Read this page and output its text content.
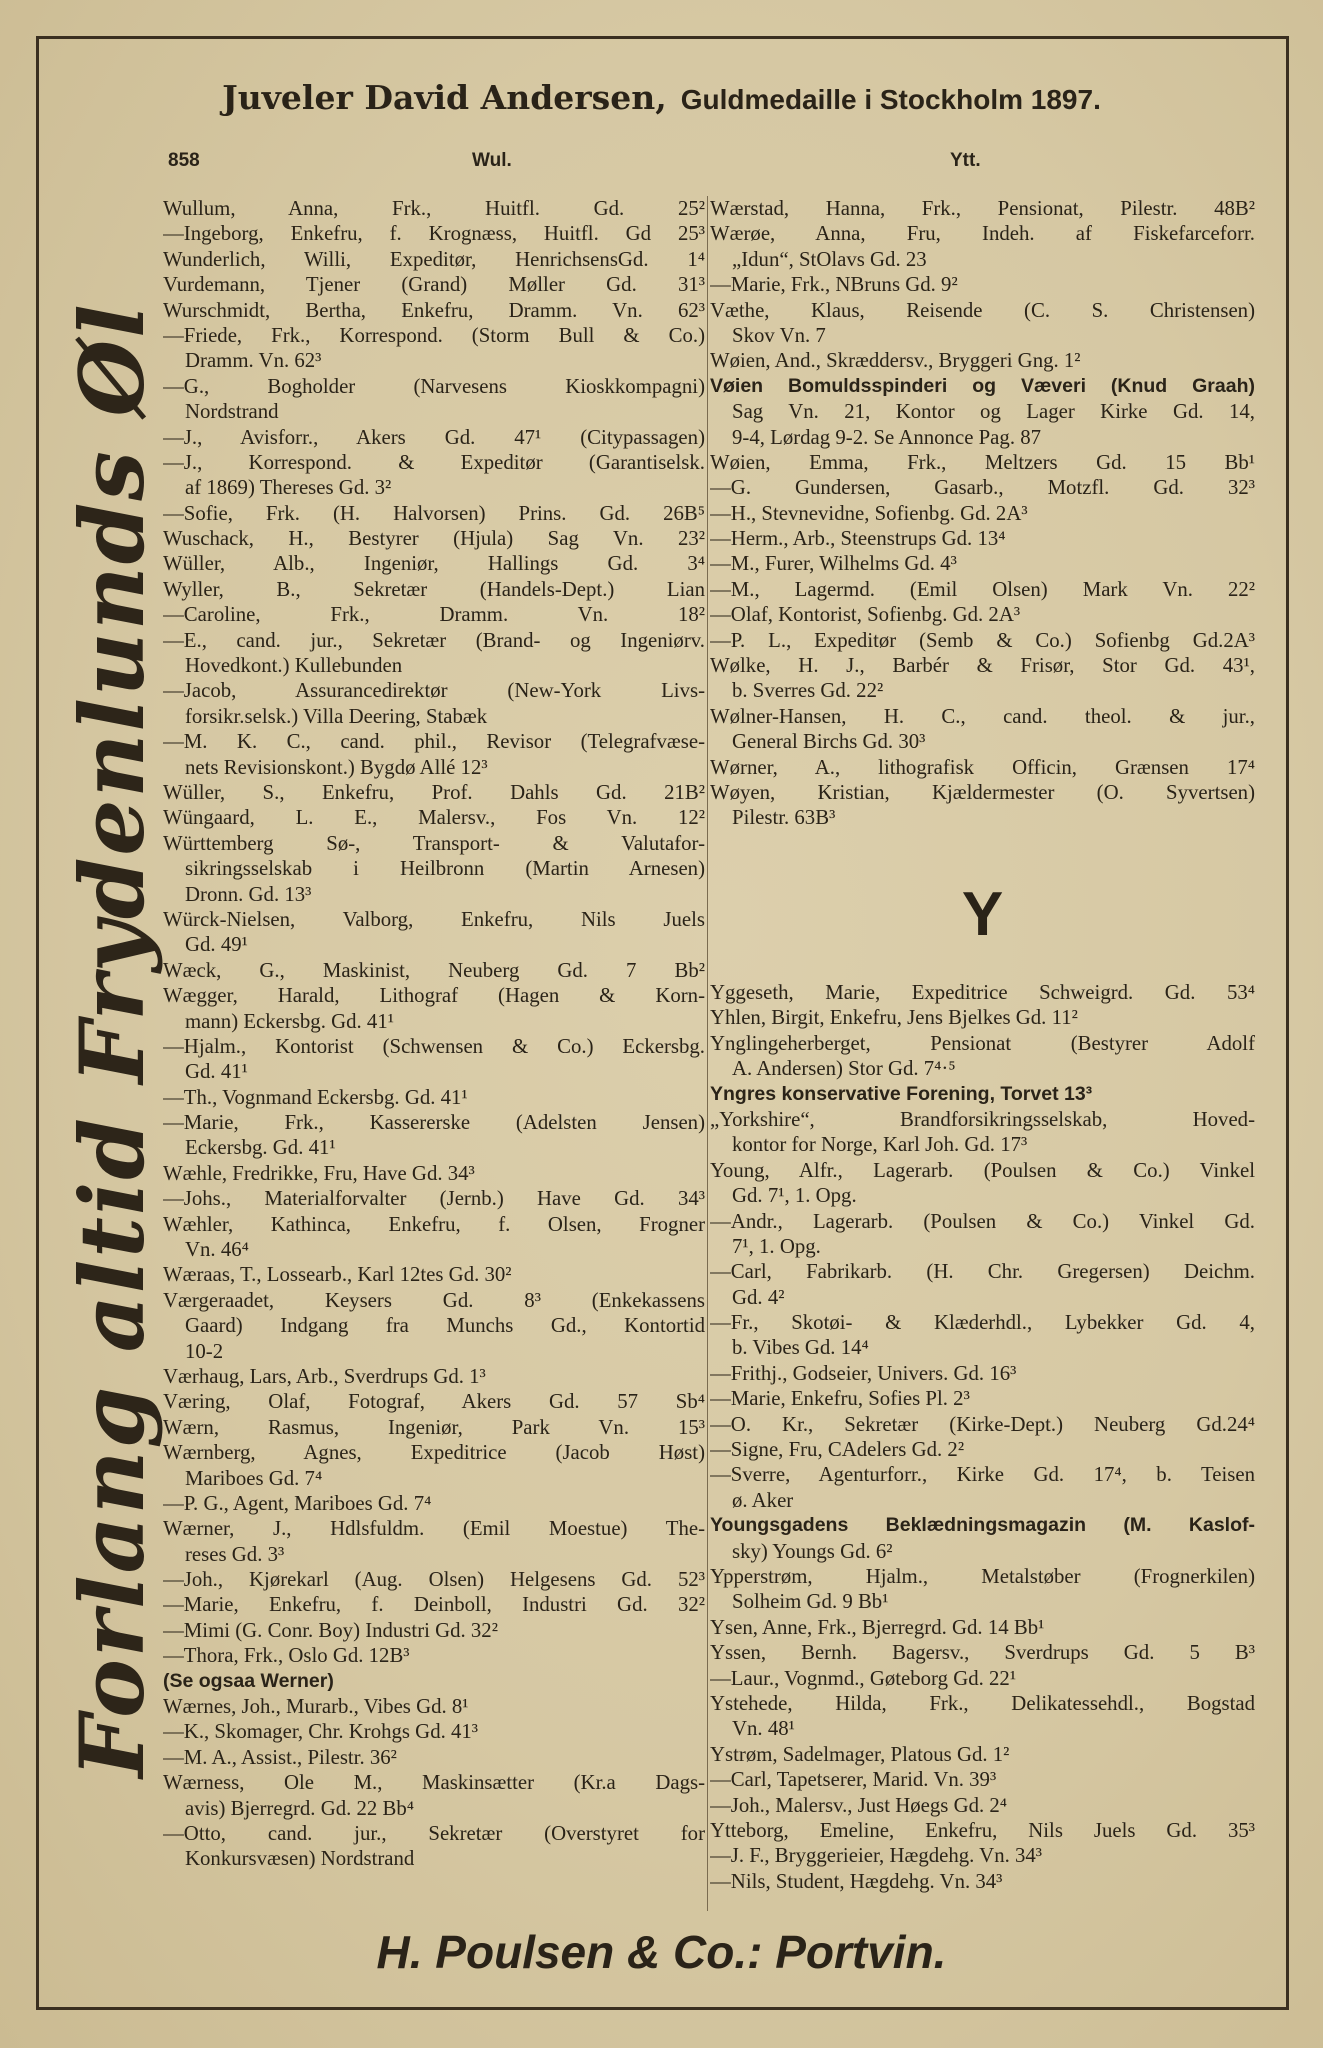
Juveler David Andersen, Guldmedaille i Stockholm 1897.
858	Wul.	Ytt.
Forlang altid Frydenlunds Øl
Wullum, Anna, Frk., Huitfl. Gd. 25²
—Ingeborg, Enkefru, f. Krognæss, Huitfl. Gd 25³
Wunderlich, Willi, Expeditør, HenrichsensGd. 1⁴
Vurdemann, Tjener (Grand) Møller Gd. 31³
Wurschmidt, Bertha, Enkefru, Dramm. Vn. 62³
—Friede, Frk., Korrespond. (Storm Bull & Co.)
Dramm. Vn. 62³
—G., Bogholder (Narvesens Kioskkompagni)
Nordstrand
—J., Avisforr., Akers Gd. 47¹ (Citypassagen)
—J., Korrespond. & Expeditør (Garantiselsk.
af 1869) Thereses Gd. 3²
—Sofie, Frk. (H. Halvorsen) Prins. Gd. 26B⁵
Wuschack, H., Bestyrer (Hjula) Sag Vn. 23²
Wüller, Alb., Ingeniør, Hallings Gd. 3⁴
Wyller, B., Sekretær (Handels-Dept.) Lian
—Caroline, Frk., Dramm. Vn. 18²
—E., cand. jur., Sekretær (Brand- og Ingeniørv.
Hovedkont.) Kullebunden
—Jacob, Assurancedirektør (New-York Livs-
forsikr.selsk.) Villa Deering, Stabæk
—M. K. C., cand. phil., Revisor (Telegrafvæse-
nets Revisionskont.) Bygdø Allé 12³
Wüller, S., Enkefru, Prof. Dahls Gd. 21B²
Wüngaard, L. E., Malersv., Fos Vn. 12²
Württemberg Sø-, Transport- & Valutafor-
sikringsselskab i Heilbronn (Martin Arnesen)
Dronn. Gd. 13³
Würck-Nielsen, Valborg, Enkefru, Nils Juels
Gd. 49¹
Wæck, G., Maskinist, Neuberg Gd. 7 Bb²
Wægger, Harald, Lithograf (Hagen & Korn-
mann) Eckersbg. Gd. 41¹
—Hjalm., Kontorist (Schwensen & Co.) Eckersbg.
Gd. 41¹
—Th., Vognmand Eckersbg. Gd. 41¹
—Marie, Frk., Kassererske (Adelsten Jensen)
Eckersbg. Gd. 41¹
Wæhle, Fredrikke, Fru, Have Gd. 34³
—Johs., Materialforvalter (Jernb.) Have Gd. 34³
Wæhler, Kathinca, Enkefru, f. Olsen, Frogner
Vn. 46⁴
Wæraas, T., Lossearb., Karl 12tes Gd. 30²
Værgeraadet, Keysers Gd. 8³ (Enkekassens
Gaard) Indgang fra Munchs Gd., Kontortid
10-2
Værhaug, Lars, Arb., Sverdrups Gd. 1³
Væring, Olaf, Fotograf, Akers Gd. 57 Sb⁴
Wærn, Rasmus, Ingeniør, Park Vn. 15³
Wærnberg, Agnes, Expeditrice (Jacob Høst)
Mariboes Gd. 7⁴
—P. G., Agent, Mariboes Gd. 7⁴
Wærner, J., Hdlsfuldm. (Emil Moestue) The-
reses Gd. 3³
—Joh., Kjørekarl (Aug. Olsen) Helgesens Gd. 52³
—Marie, Enkefru, f. Deinboll, Industri Gd. 32²
—Mimi (G. Conr. Boy) Industri Gd. 32²
—Thora, Frk., Oslo Gd. 12B³
(Se ogsaa Werner)
Wærnes, Joh., Murarb., Vibes Gd. 8¹
—K., Skomager, Chr. Krohgs Gd. 41³
—M. A., Assist., Pilestr. 36²
Wærness, Ole M., Maskinsætter (Kr.a Dags-
avis) Bjerregrd. Gd. 22 Bb⁴
—Otto, cand. jur., Sekretær (Overstyret for
Konkursvæsen) Nordstrand
Wærstad, Hanna, Frk., Pensionat, Pilestr. 48B²
Wærøe, Anna, Fru, Indeh. af Fiskefarceforr.
„Idun“, StOlavs Gd. 23
—Marie, Frk., NBruns Gd. 9²
Væthe, Klaus, Reisende (C. S. Christensen)
Skov Vn. 7
Wøien, And., Skræddersv., Bryggeri Gng. 1²
Vøien Bomuldsspinderi og Væveri (Knud Graah)
Sag Vn. 21, Kontor og Lager Kirke Gd. 14,
9-4, Lørdag 9-2. Se Annonce Pag. 87
Wøien, Emma, Frk., Meltzers Gd. 15 Bb¹
—G. Gundersen, Gasarb., Motzfl. Gd. 32³
—H., Stevnevidne, Sofienbg. Gd. 2A³
—Herm., Arb., Steenstrups Gd. 13⁴
—M., Furer, Wilhelms Gd. 4³
—M., Lagermd. (Emil Olsen) Mark Vn. 22²
—Olaf, Kontorist, Sofienbg. Gd. 2A³
—P. L., Expeditør (Semb & Co.) Sofienbg Gd.2A³
Wølke, H. J., Barbér & Frisør, Stor Gd. 43¹,
b. Sverres Gd. 22²
Wølner-Hansen, H. C., cand. theol. & jur.,
General Birchs Gd. 30³
Wørner, A., lithografisk Officin, Grænsen 17⁴
Wøyen, Kristian, Kjældermester (O. Syvertsen)
Pilestr. 63B³
Y
Yggeseth, Marie, Expeditrice Schweigrd. Gd. 53⁴
Yhlen, Birgit, Enkefru, Jens Bjelkes Gd. 11²
Ynglingeherberget, Pensionat (Bestyrer Adolf
A. Andersen) Stor Gd. 7⁴·⁵
Yngres konservative Forening, Torvet 13³
„Yorkshire“, Brandforsikringsselskab, Hoved-
kontor for Norge, Karl Joh. Gd. 17³
Young, Alfr., Lagerarb. (Poulsen & Co.) Vinkel
Gd. 7¹, 1. Opg.
—Andr., Lagerarb. (Poulsen & Co.) Vinkel Gd.
7¹, 1. Opg.
—Carl, Fabrikarb. (H. Chr. Gregersen) Deichm.
Gd. 4²
—Fr., Skotøi- & Klæderhdl., Lybekker Gd. 4,
b. Vibes Gd. 14⁴
—Frithj., Godseier, Univers. Gd. 16³
—Marie, Enkefru, Sofies Pl. 2³
—O. Kr., Sekretær (Kirke-Dept.) Neuberg Gd.24⁴
—Signe, Fru, CAdelers Gd. 2²
—Sverre, Agenturforr., Kirke Gd. 17⁴, b. Teisen
ø. Aker
Youngsgadens Beklædningsmagazin (M. Kaslof-
sky) Youngs Gd. 6²
Ypperstrøm, Hjalm., Metalstøber (Frognerkilen)
Solheim Gd. 9 Bb¹
Ysen, Anne, Frk., Bjerregrd. Gd. 14 Bb¹
Yssen, Bernh. Bagersv., Sverdrups Gd. 5 B³
—Laur., Vognmd., Gøteborg Gd. 22¹
Ystehede, Hilda, Frk., Delikatessehdl., Bogstad
Vn. 48¹
Ystrøm, Sadelmager, Platous Gd. 1²
—Carl, Tapetserer, Marid. Vn. 39³
—Joh., Malersv., Just Høegs Gd. 2⁴
Ytteborg, Emeline, Enkefru, Nils Juels Gd. 35³
—J. F., Bryggerieier, Hægdehg. Vn. 34³
—Nils, Student, Hægdehg. Vn. 34³
H. Poulsen & Co.: Portvin.
